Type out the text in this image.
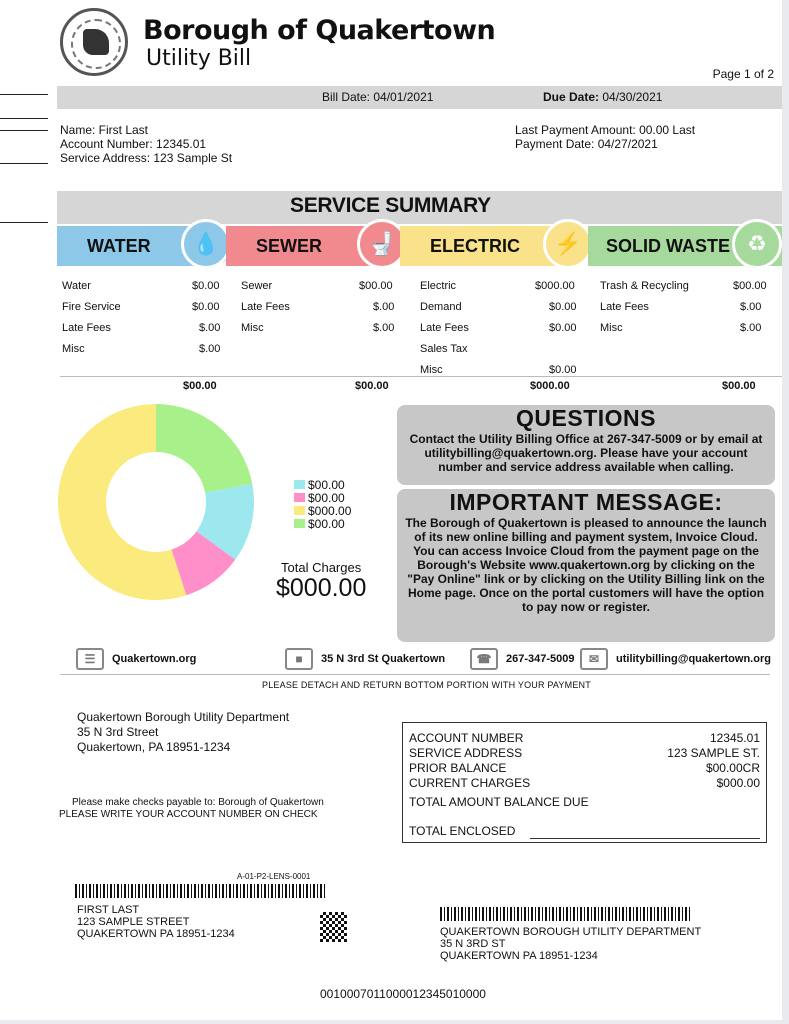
Borough of Quakertown
Utility Bill
Page 1 of 2
Bill Date: 04/01/2021	Due Date: 04/30/2021
Name: First Last
Account Number: 12345.01
Service Address: 123 Sample St
Last Payment Amount: 00.00 Last
Payment Date: 04/27/2021
SERVICE SUMMARY
WATER	💧	SEWER	🚽	ELECTRIC	⚡	SOLID WASTE ♻
Water	$0.00
Fire Service	$0.00
Late Fees	$.00
Misc	$.00
Sewer	$00.00
Late Fees	$.00
Misc	$.00
Electric	$000.00
Demand	$0.00
Late Fees	$0.00
Sales Tax
Misc	$0.00
Trash & Recycling	$00.00
Late Fees	$.00
Misc	$.00
$00.00	$00.00	$000.00	$00.00
$00.00
$00.00
$000.00
$00.00
Total Charges
$000.00
QUESTIONS

Contact the Utility Billing Office at 267-347-5009 or by email at utilitybilling@quakertown.org. Please have your account number and service address available when calling.

IMPORTANT MESSAGE:

The Borough of Quakertown is pleased to announce the launch of its new online billing and payment system, Invoice Cloud. You can access Invoice Cloud from the payment page on the Borough's Website www.quakertown.org by clicking on the "Pay Online" link or by clicking on the Utility Billing link on the Home page. Once on the portal customers will have the option to pay now or register.

☰	Quakertown.org	■	35 N 3rd St Quakertown	☎	267-347-5009	✉	utilitybilling@quakertown.org
PLEASE DETACH AND RETURN BOTTOM PORTION WITH YOUR PAYMENT
Quakertown Borough Utility Department
35 N 3rd Street
Quakertown, PA 18951-1234
Please make checks payable to: Borough of Quakertown
PLEASE WRITE YOUR ACCOUNT NUMBER ON CHECK
ACCOUNT NUMBER	12345.01
SERVICE ADDRESS	123 SAMPLE ST.
PRIOR BALANCE	$00.00CR
CURRENT CHARGES	$000.00
TOTAL AMOUNT BALANCE DUE
TOTAL ENCLOSED
A-01-P2-LENS-0001
FIRST LAST
123 SAMPLE STREET
QUAKERTOWN PA 18951-1234	QUAKERTOWN BOROUGH UTILITY DEPARTMENT
35 N 3RD ST
QUAKERTOWN PA 18951-1234
0010007011000012345010000
